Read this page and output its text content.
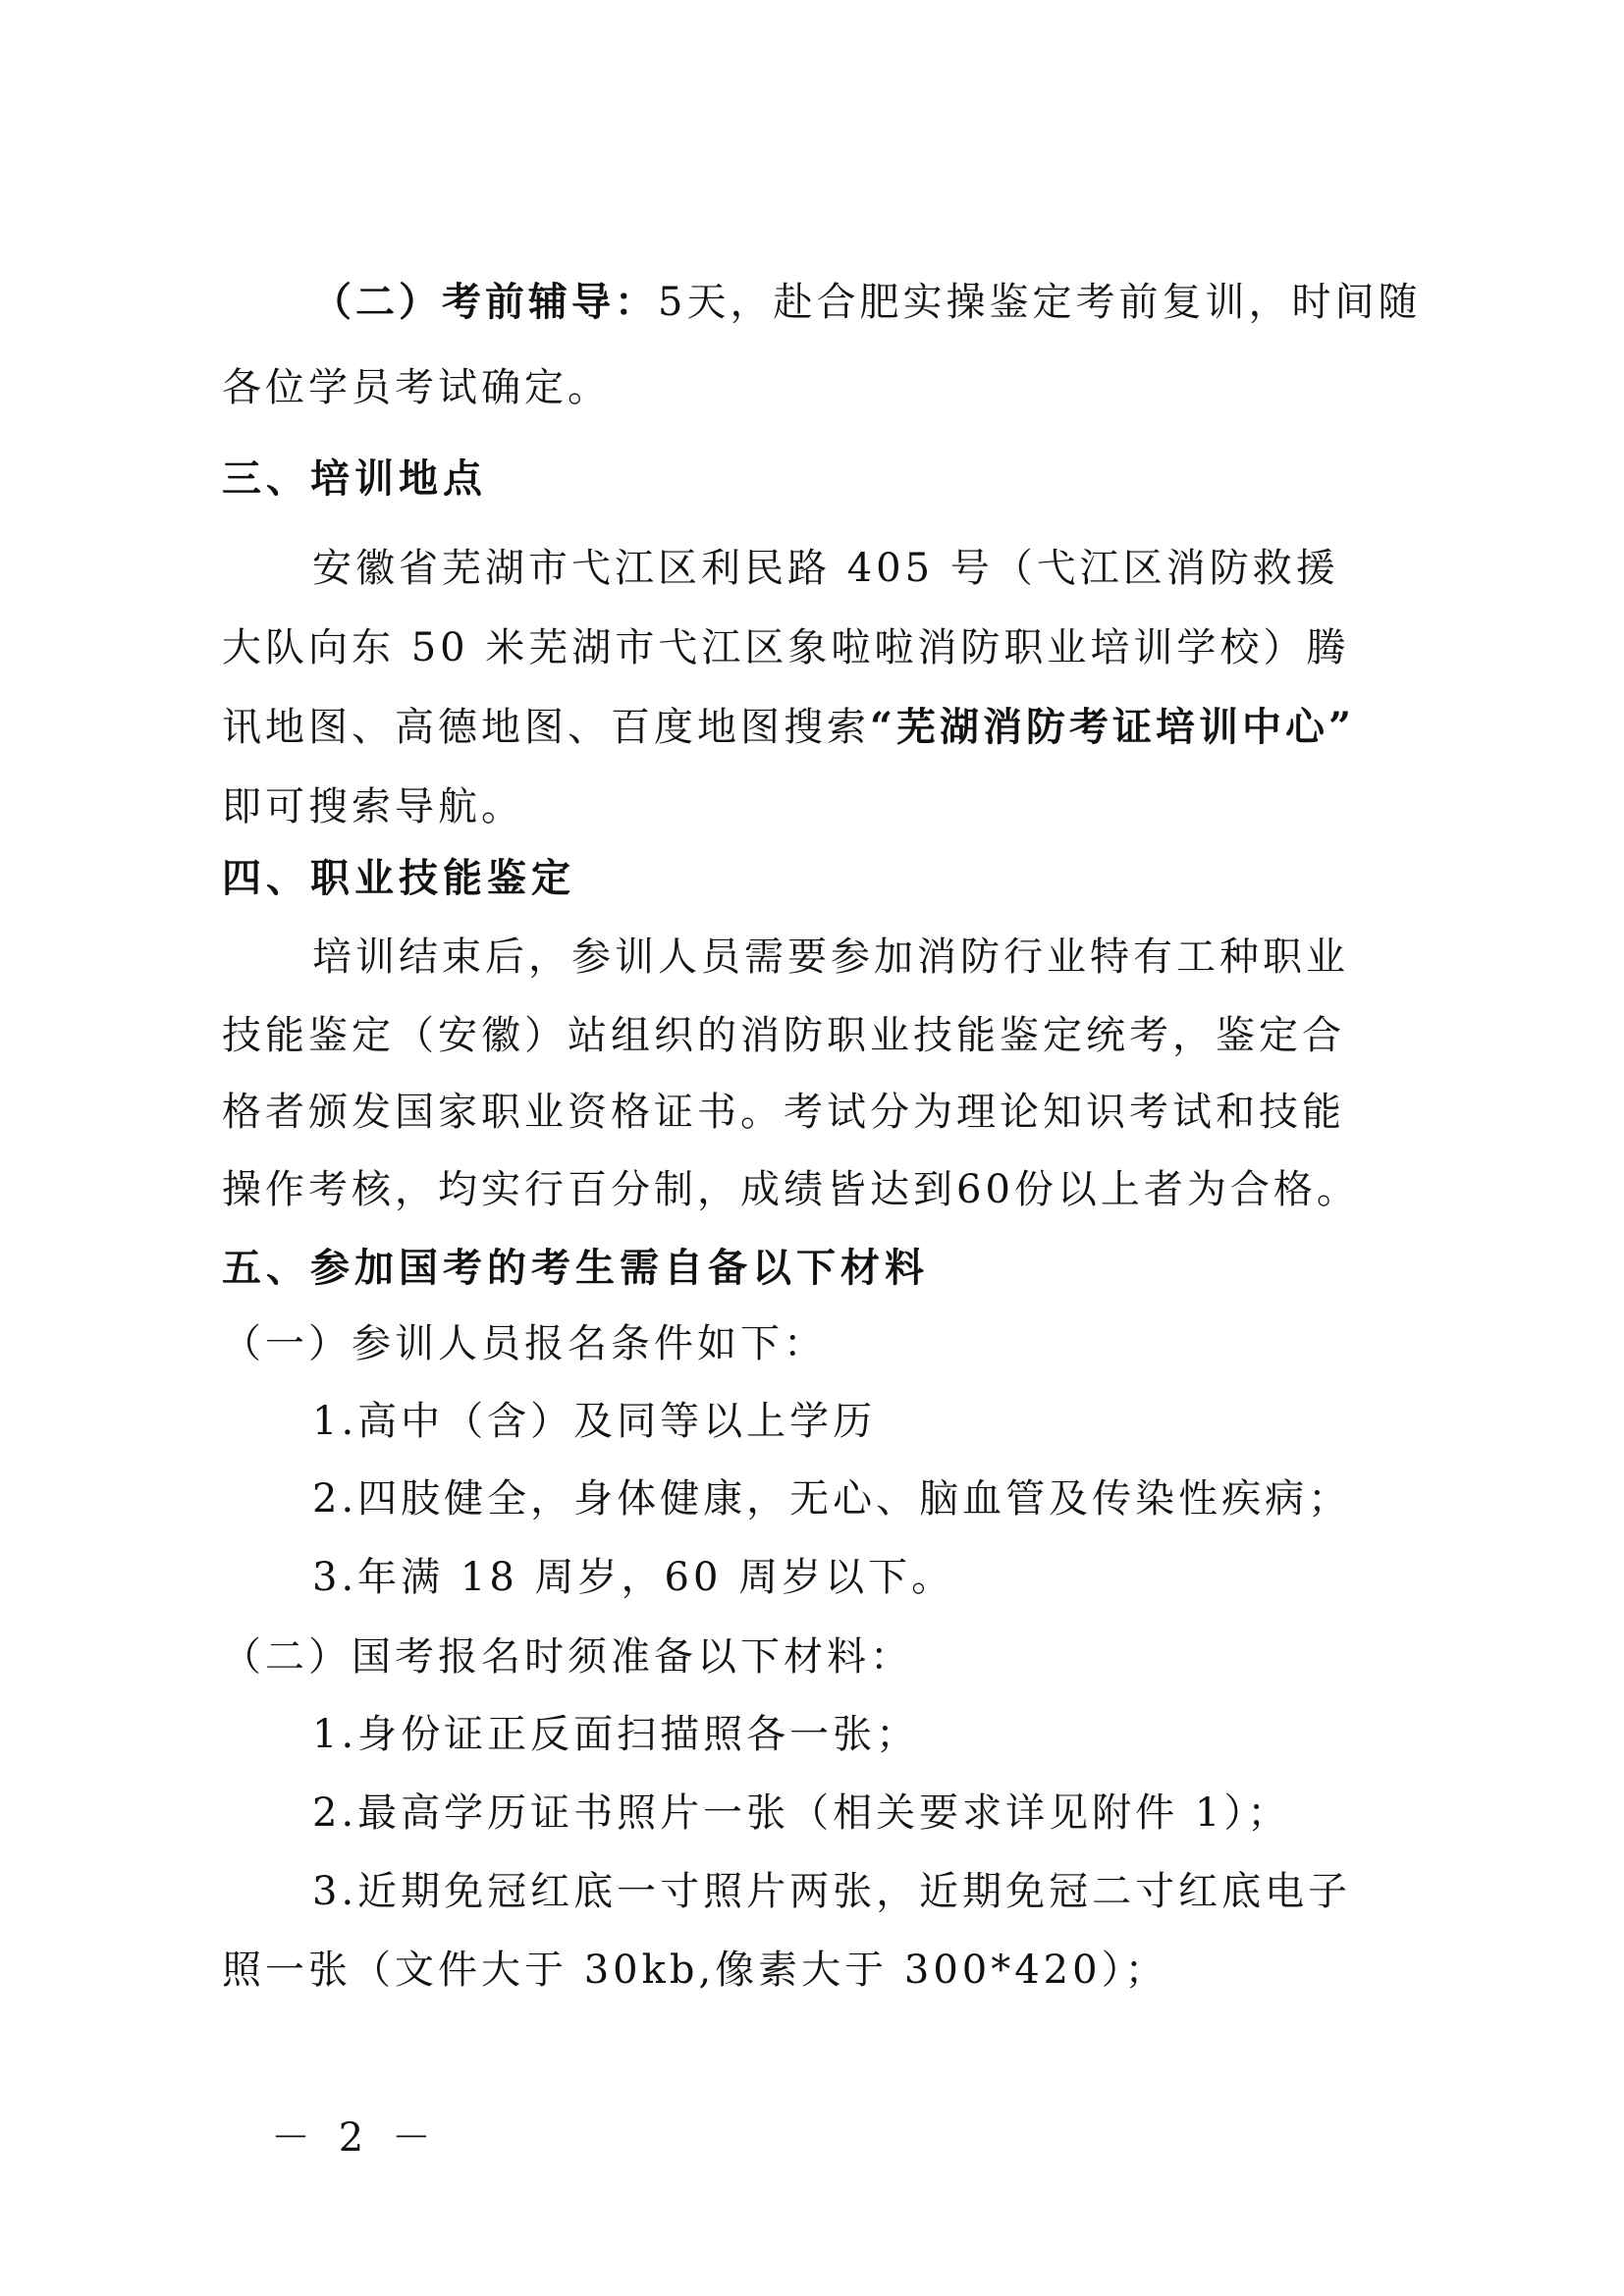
（二）考前辅导：5天，赴合肥实操鉴定考前复训，时间随
各位学员考试确定。
三、培训地点
安徽省芜湖市弋江区利民路 405 号（弋江区消防救援
大队向东 50 米芜湖市弋江区象啦啦消防职业培训学校）腾
讯地图、高德地图、百度地图搜索“芜湖消防考证培训中心”
即可搜索导航。
四、职业技能鉴定
培训结束后，参训人员需要参加消防行业特有工种职业
技能鉴定（安徽）站组织的消防职业技能鉴定统考，鉴定合
格者颁发国家职业资格证书。考试分为理论知识考试和技能
操作考核，均实行百分制，成绩皆达到60份以上者为合格。
五、参加国考的考生需自备以下材料
（一）参训人员报名条件如下：
1.高中（含）及同等以上学历
2.四肢健全，身体健康，无心、脑血管及传染性疾病；
3.年满 18 周岁，60 周岁以下。
（二）国考报名时须准备以下材料：
1.身份证正反面扫描照各一张；
2.最高学历证书照片一张（相关要求详见附件 1）；
3.近期免冠红底一寸照片两张，近期免冠二寸红底电子
照一张（文件大于 30kb,像素大于 300*420）；
－ 2 －
